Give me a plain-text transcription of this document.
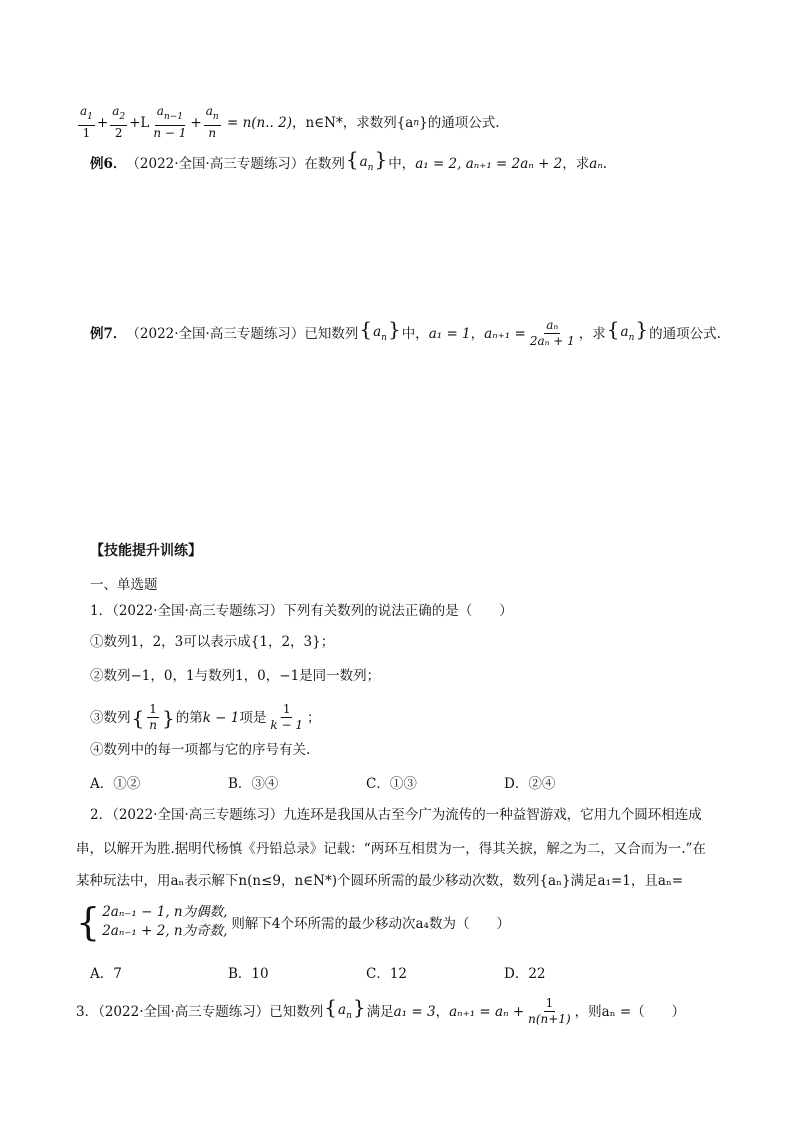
$\frac{a_1}{1} + \frac{a_2}{2} +L \frac{a_{n-1}}{n - 1} + \frac{a_n}{n} = n(n$.. 2) ， n∈N*，求数列{a n }的通项公式.
例6． （2022·全国·高三专题练习）在数列 $\{a_n\}$ 中， a₁ = 2, aₙ₊₁ = 2aₙ + 2 ，求 aₙ .
例7． （2022·全国·高三专题练习）已知数列 $\{a_n\}$ 中， a₁ = 1 ， $a_{n+1} = \frac{\text{aₙ}}{\text{2aₙ + 1}}$ ，求 $\{a_n\}$ 的通项公式.
【技能提升训练】
一、单选题
1．（2022·全国·高三专题练习）下列有关数列的说法正确的是（　　）
①数列1，2，3可以表示成{1，2，3}；
②数列−1，0，1与数列1，0，−1是同一数列；
③数列 { $\frac{1}{n}$ } 的第 k − 1 项是 $\frac{1}{k - 1}$ ；
④数列中的每一项都与它的序号有关.
A．①②	B．③④	C．①③	D．②④
2．（2022·全国·高三专题练习）九连环是我国从古至今广为流传的一种益智游戏，它用九个圆环相连成
串，以解开为胜.据明代杨慎《丹铅总录》记载：“两环互相贯为一，得其关捩，解之为二，又合而为一.”在
某种玩法中，用aₙ表示解下n(n≤9，n∈N*)个圆环所需的最少移动次数，数列{aₙ}满足a₁=1，且aₙ=
{ 2aₙ₋₁ − 1, n为偶数,
2aₙ₋₁ + 2, n为奇数, 则解下4个环所需的最少移动次a₄数为（　　）
A．7	B．10	C．12	D．22
3．（2022·全国·高三专题练习）已知数列 $\{a_n\}$ 满足 a₁ = 3 ， $a_{n+1} = a_n + \frac{1}{n(n+1)}$ ，则aₙ =（　　）
